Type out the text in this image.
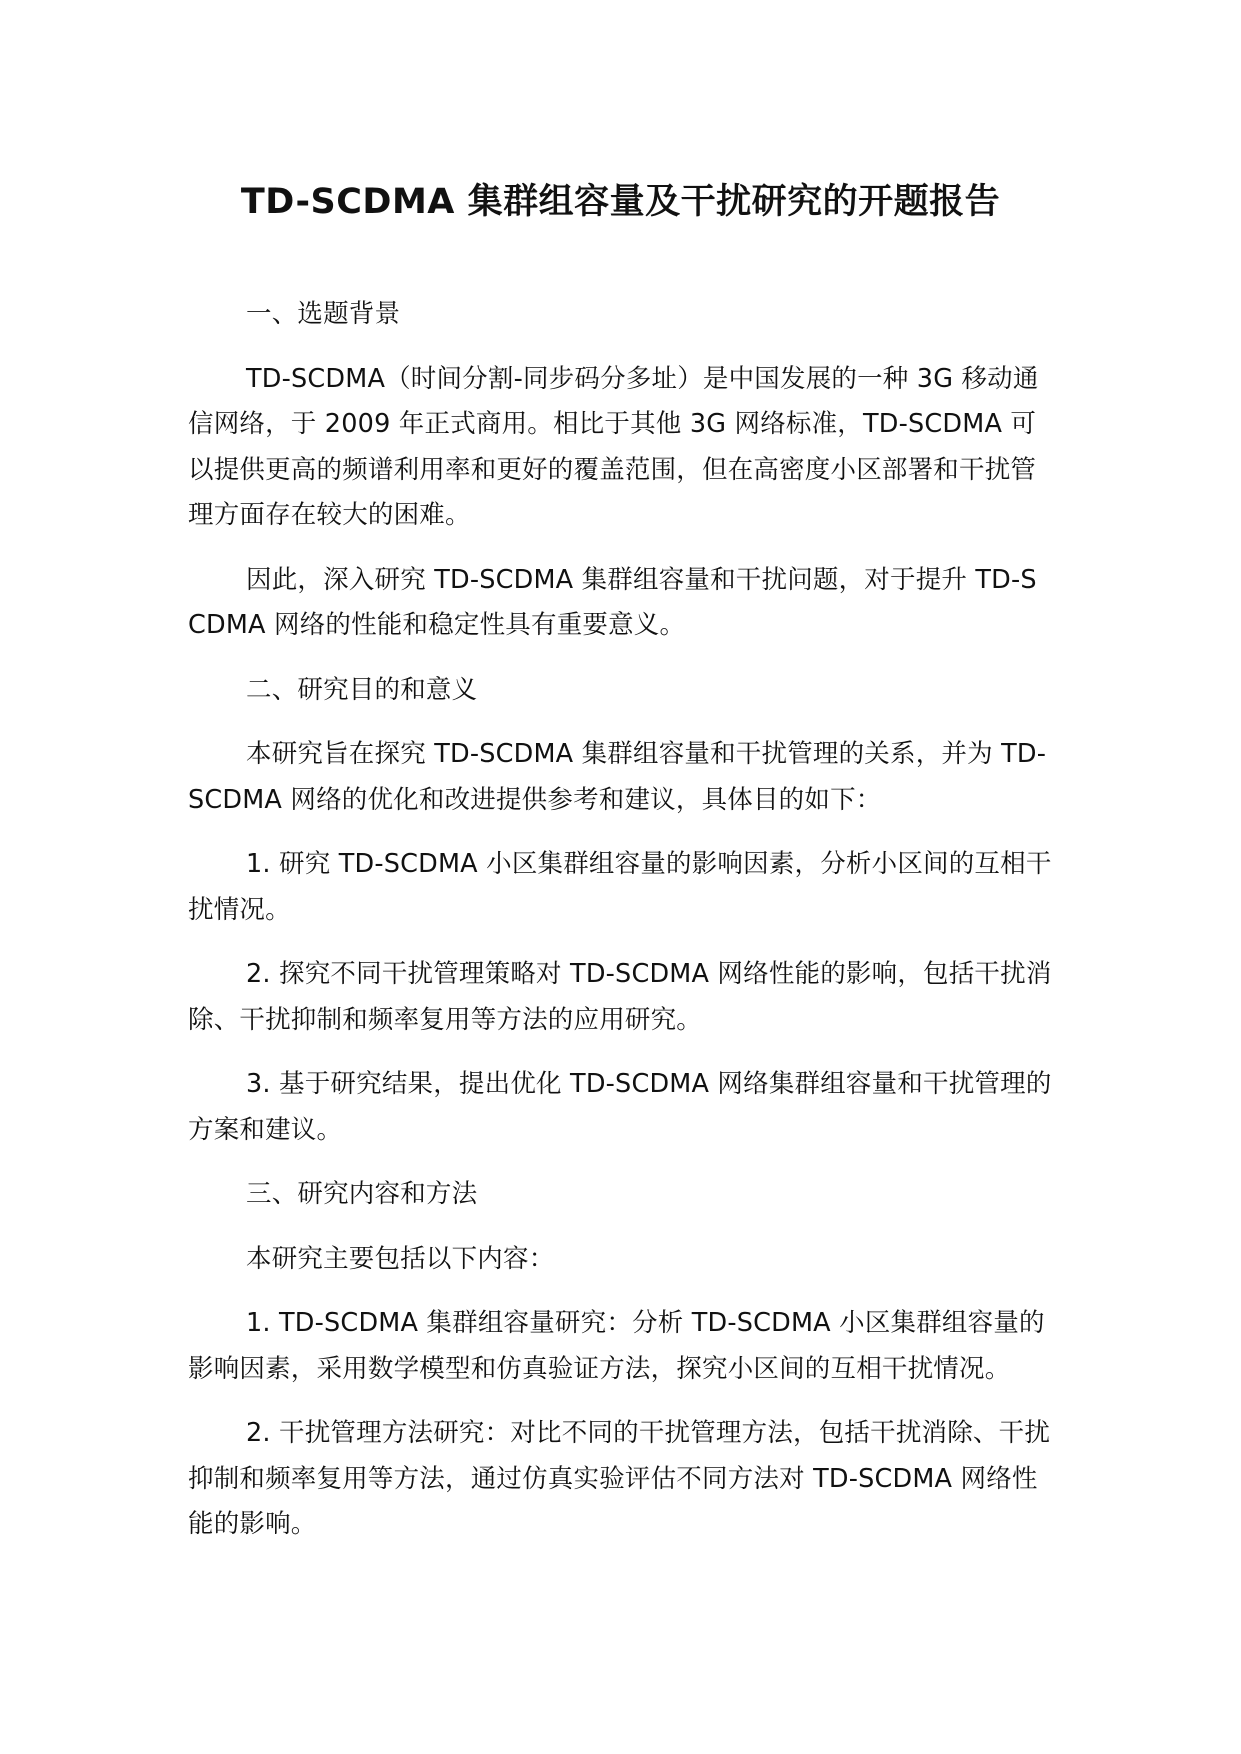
TD-SCDMA 集群组容量及干扰研究的开题报告

一、选题背景

TD-SCDMA（时间分割-同步码分多址）是中国发展的一种 3G 移动通信网络，于 2009 年正式商用。相比于其他 3G 网络标准，TD-SCDMA 可以提供更高的频谱利用率和更好的覆盖范围，但在高密度小区部署和干扰管理方面存在较大的困难。

因此，深入研究 TD-SCDMA 集群组容量和干扰问题，对于提升 TD-SCDMA 网络的性能和稳定性具有重要意义。

二、研究目的和意义

本研究旨在探究 TD-SCDMA 集群组容量和干扰管理的关系，并为 TD-SCDMA 网络的优化和改进提供参考和建议，具体目的如下：

1. 研究 TD-SCDMA 小区集群组容量的影响因素，分析小区间的互相干扰情况。

2. 探究不同干扰管理策略对 TD-SCDMA 网络性能的影响，包括干扰消除、干扰抑制和频率复用等方法的应用研究。

3. 基于研究结果，提出优化 TD-SCDMA 网络集群组容量和干扰管理的方案和建议。

三、研究内容和方法

本研究主要包括以下内容：

1. TD-SCDMA 集群组容量研究：分析 TD-SCDMA 小区集群组容量的影响因素，采用数学模型和仿真验证方法，探究小区间的互相干扰情况。

2. 干扰管理方法研究：对比不同的干扰管理方法，包括干扰消除、干扰抑制和频率复用等方法，通过仿真实验评估不同方法对 TD-SCDMA 网络性能的影响。
